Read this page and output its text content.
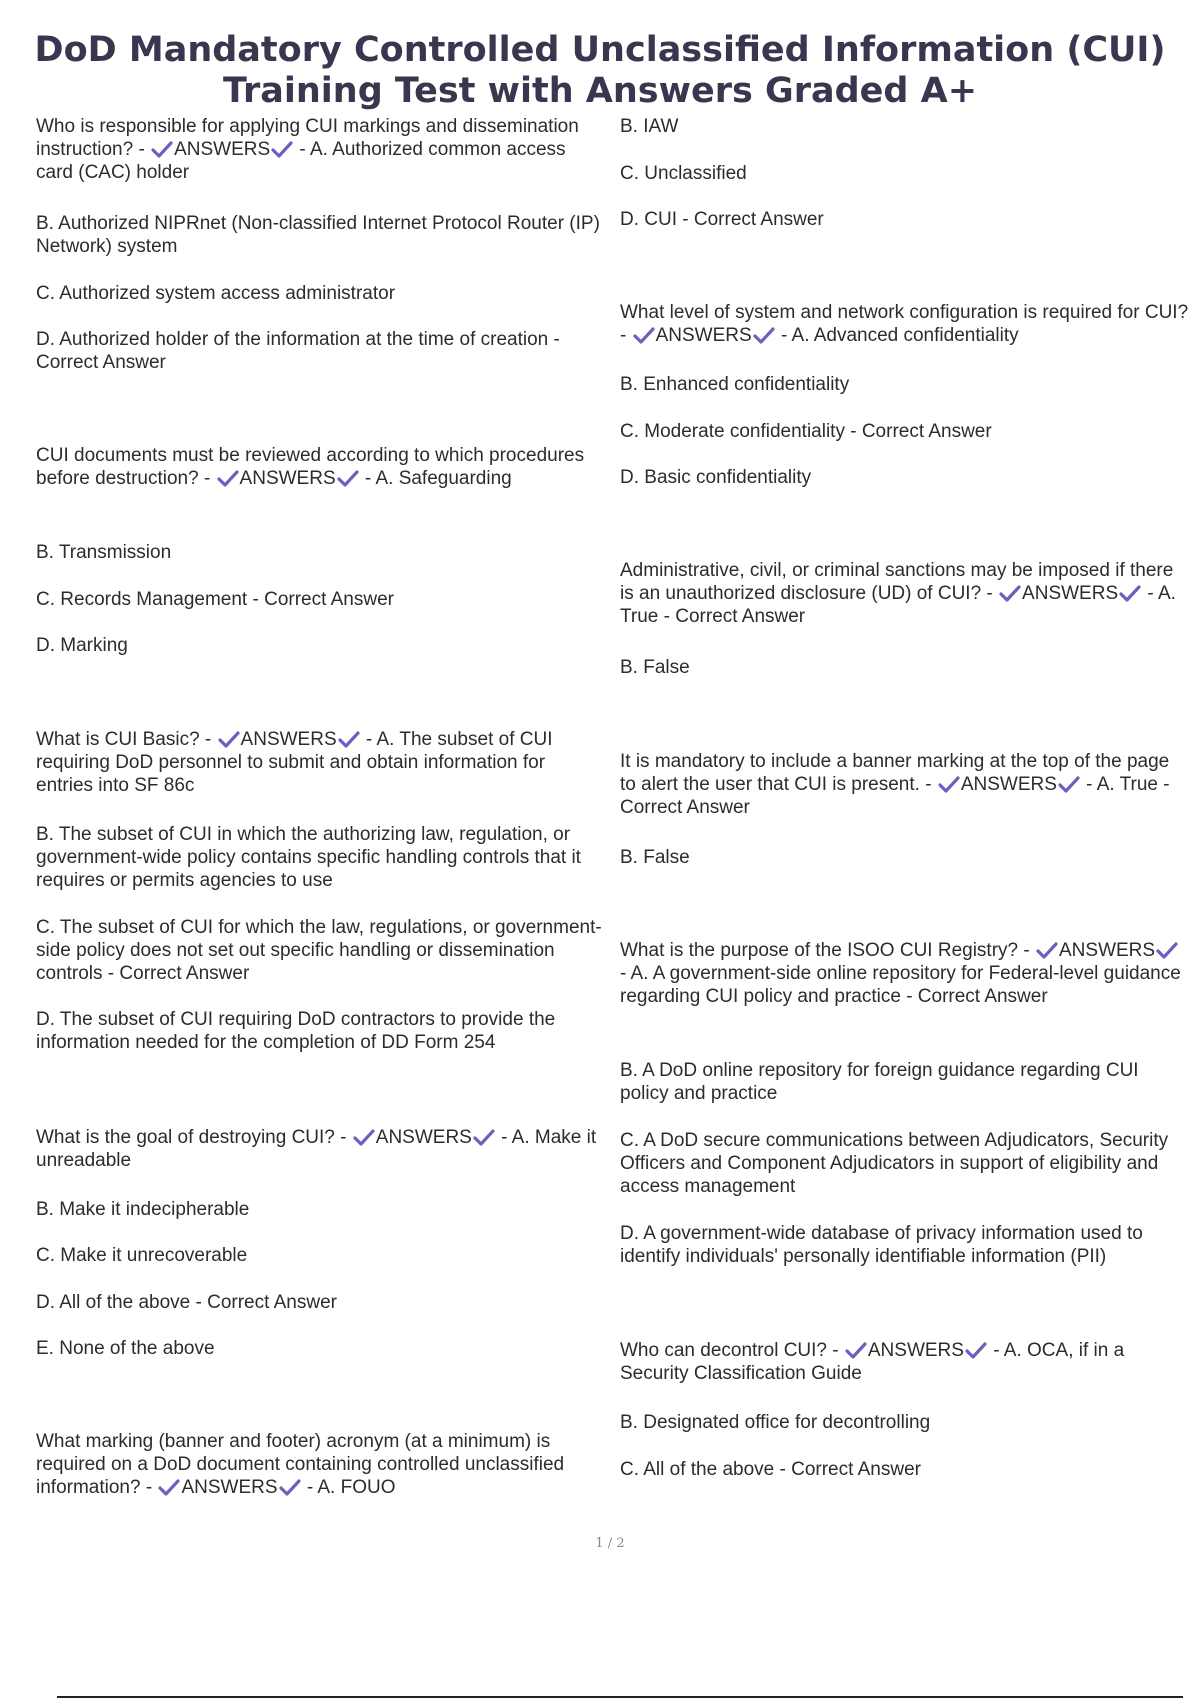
DoD Mandatory Controlled Unclassified Information (CUI)
Training Test with Answers Graded A+

Who is responsible for applying CUI markings and dissemination instruction? - ANSWERS - A. Authorized common access card (CAC) holder

B. Authorized NIPRnet (Non-classified Internet Protocol Router (IP) Network) system

C. Authorized system access administrator

D. Authorized holder of the information at the time of creation - Correct Answer

CUI documents must be reviewed according to which procedures before destruction? - ANSWERS - A. Safeguarding

B. Transmission

C. Records Management - Correct Answer

D. Marking

What is CUI Basic? - ANSWERS - A. The subset of CUI requiring DoD personnel to submit and obtain information for entries into SF 86c

B. The subset of CUI in which the authorizing law, regulation, or government-wide policy contains specific handling controls that it requires or permits agencies to use

C. The subset of CUI for which the law, regulations, or government-side policy does not set out specific handling or dissemination controls - Correct Answer

D. The subset of CUI requiring DoD contractors to provide the information needed for the completion of DD Form 254

What is the goal of destroying CUI? - ANSWERS - A. Make it unreadable

B. Make it indecipherable

C. Make it unrecoverable

D. All of the above - Correct Answer

E. None of the above

What marking (banner and footer) acronym (at a minimum) is required on a DoD document containing controlled unclassified information? - ANSWERS - A. FOUO

B. IAW

C. Unclassified

D. CUI - Correct Answer

What level of system and network configuration is required for CUI? - ANSWERS - A. Advanced confidentiality

B. Enhanced confidentiality

C. Moderate confidentiality - Correct Answer

D. Basic confidentiality

Administrative, civil, or criminal sanctions may be imposed if there is an unauthorized disclosure (UD) of CUI? - ANSWERS - A. True - Correct Answer

B. False

It is mandatory to include a banner marking at the top of the page to alert the user that CUI is present. - ANSWERS - A. True - Correct Answer

B. False

What is the purpose of the ISOO CUI Registry? - ANSWERS - A. A government-side online repository for Federal-level guidance regarding CUI policy and practice - Correct Answer

B. A DoD online repository for foreign guidance regarding CUI policy and practice

C. A DoD secure communications between Adjudicators, Security Officers and Component Adjudicators in support of eligibility and access management

D. A government-wide database of privacy information used to identify individuals' personally identifiable information (PII)

Who can decontrol CUI? - ANSWERS - A. OCA, if in a Security Classification Guide

B. Designated office for decontrolling

C. All of the above - Correct Answer

1 / 2
